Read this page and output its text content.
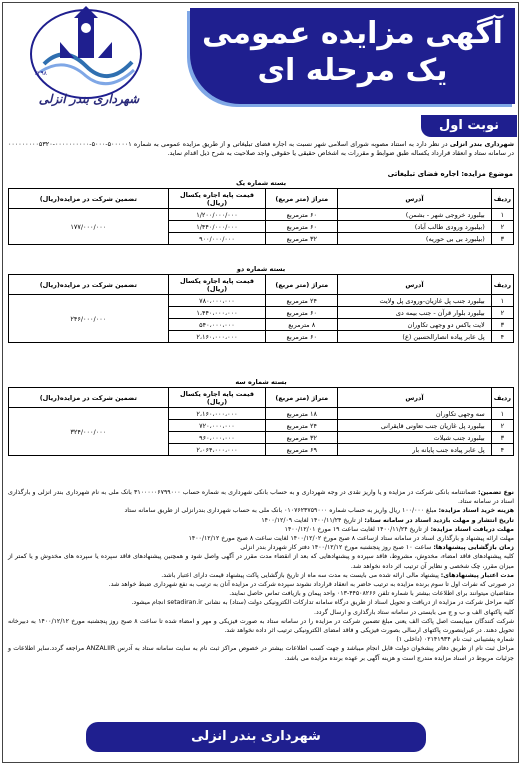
۱۳۹۸
شهرداری بندر انزلی
آگهی مزایده عمومی
یک مرحله ای
نوبت اول
شهرداری بندر انزلی در نظر دارد به استناد مصوبه شورای اسلامی شهر نسبت به اجاره فضای تبلیغاتی و از طریق مزایده عمومی به شماره ۵۰۰۰۰۰۱-۵۰۰۰-۰۰۰۰۰۰۰۰۰۰-۰۰۰۰۰۰۰۰۰۵۳۲۰ در سامانه ستاد و انعقاد قرارداد یکساله طبق ضوابط و مقررات به اشخاص حقیقی یا حقوقی واجد صلاحیت به شرح ذیل اقدام نماید.
موضوع مزایده: اجاره فضای تبلیغاتی
بسته شماره یک
ردیف	آدرس	متراژ (متر مربع)	قیمت پایه اجاره یکسال (ریال)	تضمین شرکت در مزایده(ریال)
۱	بیلبورد خروجی شهر - بشمن)	۶۰ مترمربع	۱/۲۰۰/۰۰۰/۰۰۰	۱۷۷/۰۰۰/۰۰۰
۲	(بیلبورد ورودی طالب آباد)	۶۰ مترمربع	۱/۴۴۰/۰۰۰/۰۰۰	
۳	(بیلبورد بی بی حوریه)	۳۲ مترمربع	۹۰۰/۰۰۰/۰۰۰	
بسته شماره دو
ردیف	آدرس	متراژ (متر مربع)	قیمت پایه اجاره یکسال (ریال)	تضمین شرکت در مزایده(ریال)
۱	بیلبورد جنب پل غازیان-ورودی پل ولایت	۲۴ مترمربع	۷۸۰،۰۰۰،۰۰۰	۲۴۶/۰۰۰/۰۰۰
۲	بیلبورد بلوار قرآن - جنب بیمه دی	۶۰ مترمربع	۱،۴۴۰،۰۰۰،۰۰۰	
۳	لایت باکس دو وجهی تکاوران	۸ مترمربع	۵۴۰،۰۰۰،۰۰۰	
۴	پل عابر پیاده انصارالحسین (ع)	۶۰ مترمربع	۲،۱۶۰،۰۰۰،۰۰۰	
بسته شماره سه
ردیف	آدرس	متراژ (متر مربع)	قیمت پایه اجاره یکسال (ریال)	تضمین شرکت در مزایده(ریال)
۱	سه وجهی تکاوران	۱۸ مترمربع	۲،۱۶۰،۰۰۰،۰۰۰	۳۲۴/۰۰۰/۰۰۰
۲	بیلبورد پل غازیان جنب تعاونی قایقرانی	۲۴ مترمربع	۷۲۰،۰۰۰،۰۰۰	
۳	بیلبورد جنب شیلات	۳۲ مترمربع	۹۶۰،۰۰۰،۰۰۰	
۴	پل عابر پیاده جنب پایانه بار	۶۹ مترمربع	۲،۰۶۴،۰۰۰،۰۰۰	
نوع تضمین: ضمانتنامه بانکی شرکت در مزایده و یا واریز نقدی در وجه شهرداری و به حساب بانکی شهرداری به شماره حساب ۳۱۰۰۰۰۰۶۷۹۹۰۰۰ بانک ملی به نام شهرداری بندر انزلی و بارگذاری اسناد در سامانه ستاد.
هزینه خرید اسناد مزایده: مبلغ ۱۰۰/۰۰۰ ریال واریز به حساب شماره ۰۱۰۷۶۲۳۷۵۹۰۰۰ بانک ملی به حساب شهرداری بندرانزلی از طریق سامانه ستاد
تاریخ انتشار و مهلت بازدید اسناد در سامانه ستاد: از تاریخ ۱۴۰۰/۱۱/۲۴ لغایت ۱۴۰۰/۱۲/۰۹
مهلت دریافت اسناد مزایده: از تاریخ ۱۴۰۰/۱۱/۲۴ لغایت ساعت ۱۹ مورخ ۱۴۰۰/۱۲/۰۱
مهلت ارائه پیشنهاد و بارگذاری اسناد در سامانه ستاد ازساعت ۸ صبح مورخ ۱۴۰۰/۱۲/۰۲ لغایت ساعت ۸ صبح مورخ ۱۴۰۰/۱۲/۱۲
زمان بازگشایی پیشنهادها: ساعت ۱۰ صبح روز پنجشنبه مورخ ۱۴۰۰/۱۲/۱۲ دفتر کار شهردار بندر انزلی
کلیه پیشنهادهای فاقد امضاء، مخدوش، مشروط، فاقد سپرده و پیشنهادهایی که بعد از انقضاء مدت مقرر در آگهی واصل شود و همچنین پیشنهادهای فاقد سپرده یا سپرده های مخدوش و یا کمتر از میزان مقرر، چک شخصی و نظایر آن ترتیب اثر داده نخواهد شد.
مدت اعتبار پیشنهادهای: پیشنهاد مالی ارائه شده می بایست به مدت سه ماه از تاریخ بازگشایی پاکت پیشنهاد قیمت دارای اعتبار باشد.
در صورتی که نفرات اول تا سوم برنده مزایده به ترتیب حاضر به انعقاد قرارداد نشوند سپرده شرکت در مزایده آنان به ترتیب به نفع شهرداری ضبط خواهد شد.
متقاضیان میتوانند برای اطلاعات بیشتر با شماره تلفن ۴۴۵۰۸۲۶۶-۰۱۳ واحد پیمان و بازیافت تماس حاصل نمایند.
کلیه مراحل شرکت در مزایده از دریافت و تحویل اسناد از طریق درگاه سامانه تدارکات الکترونیکی دولت (ستاد) به نشانی setadiran.ir انجام میشود.
کلیه پاکتهای الف و ب و ج می بایستی در سامانه ستاد بارگذاری و ارسال گردد.
شرکت کنندگان میبایست اصل پاکت الف یعنی مبلغ تضمین شرکت در مزایده را در سامانه ستاد به صورت فیزیکی و مهر و امضاء شده تا ساعت ۸ صبح روز پنجشنبه مورخ ۱۴۰۰/۱۲/۱۲ به دبیرخانه تحویل دهند. در غیراینصورت پاکتهای ارسالی بصورت فیزیکی و فاقد امضای الکترونیکی ترتیب اثر داده نخواهد شد.
شماره پشتیبانی ثبت نام ۰۲۱۴۱۹۳۴ (داخلی ۱)
مراحل ثبت نام از طریق دفاتر پیشخوان دولت قابل انجام میباشد و جهت کسب اطلاعات بیشتر در خصوص مراکز ثبت نام به سایت سامانه ستاد به آدرس ANZALIIR مراجعه گردد.سایر اطلاعات و جزئیات مربوط در اسناد مزایده مندرج است و هزینه آگهی بر عهده برنده مزایده می باشد.
شهرداری بندر انزلی
